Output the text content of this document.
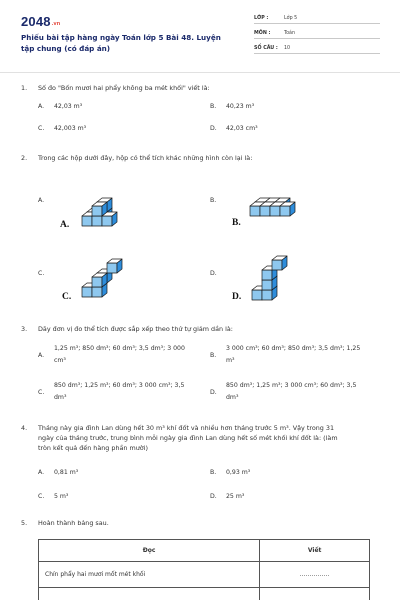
2048.vn
Phiếu bài tập hàng ngày Toán lớp 5 Bài 48. Luyện tập chung (có đáp án)
LỚP :	Lớp 5
MÔN :	Toán
SỐ CÂU :	10
1. Số đo "Bốn mươi hai phẩy không ba mét khối" viết là:
A. 42,03 m³	B. 40,23 m³
C. 42,003 m³	D. 42,03 cm³
2. Trong các hộp dưới đây, hộp có thể tích khác những hình còn lại là:
A.
A.
B.
B.
C.
C.
D.
D.
3. Dãy đơn vị đo thể tích được sắp xếp theo thứ tự giảm dần là:
A.
1,25 m³; 850 dm³; 60 dm³; 3,5 dm³; 3 000
cm³
B.
3 000 cm³; 60 dm³; 850 dm³; 3,5 dm³; 1,25
m³
C.
850 dm³; 1,25 m³; 60 dm³; 3 000 cm³; 3,5
dm³
D.
850 dm³; 1,25 m³; 3 000 cm³; 60 dm³; 3,5
dm³
4. Tháng này gia đình Lan dùng hết 30 m³ khí đốt và nhiều hơn tháng trước 5 m³. Vậy trong 31
ngày của tháng trước, trung bình mỗi ngày gia đình Lan dùng hết số mét khối khí đốt là: (làm
tròn kết quả đến hàng phần mười)
A. 0,81 m³	B. 0,93 m³
C. 5 m³	D. 25 m³
5. Hoàn thành bảng sau.
Đọc	Viết
Chín phẩy hai mươi mốt mét khối	……………
